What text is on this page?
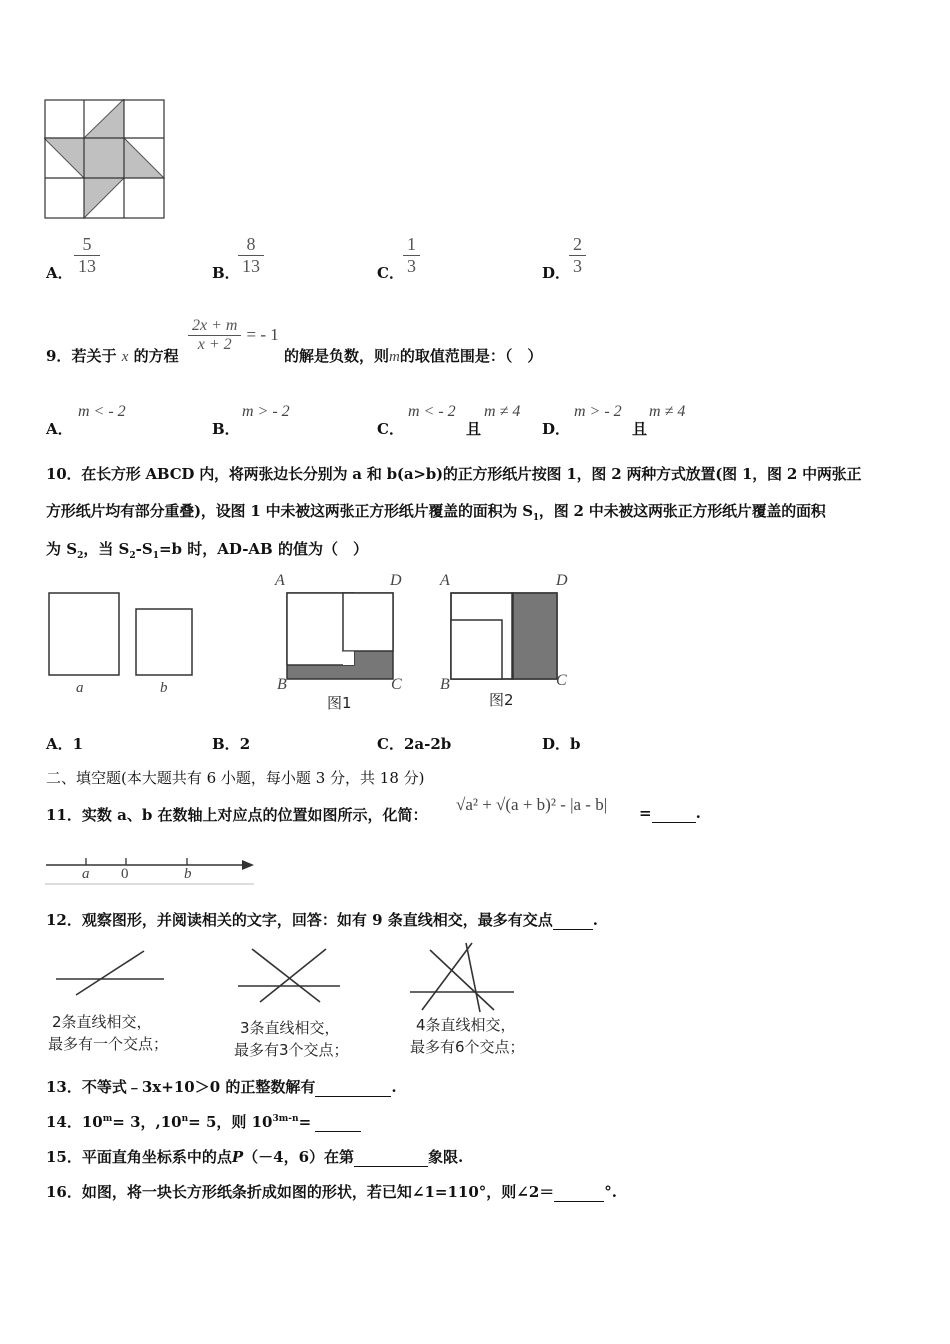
A． $\frac{5}{13}$	B．
$\frac{8}{13}$	C． $\frac{1}{3}$	D．
$\frac{2}{3}$
9．若关于 x 的方程
$\frac{2x + m}{x + 2}$ = - 1
的解是负数，则m的取值范围是：（　）
A．
m < - 2
B．
m > - 2
C．
m < - 2
且
m ≠ 4
D．
m > - 2
且
m ≠ 4
10．在长方形 ABCD 内，将两张边长分别为 a 和 b(a>b)的正方形纸片按图 1，图 2 两种方式放置(图 1，图 2 中两张正
方形纸片均有部分重叠)，设图 1 中未被这两张正方形纸片覆盖的面积为 $S_1$，图 2 中未被这两张正方形纸片覆盖的面积
为 $S_2$，当 $S_2-S_1=b$ 时，AD-AB 的值为（　）
a	b
A	D
B	C
图1
A	D
B	C
图2
A．1	B．2	C．2a-2b	D．b
二、填空题(本大题共有 6 小题，每小题 3 分，共 18 分)
11．实数 a、b 在数轴上对应点的位置如图所示，化简：
√a² + √(a + b)² - |a - b| =	.
a 0	b
12．观察图形，并阅读相关的文字，回答：如有 9 条直线相交，最多有交点	.
2条直线相交，
最多有一个交点；
3条直线相交，
最多有3个交点；
4条直线相交，
最多有6个交点；
13．不等式﹣3x+10＞0 的正整数解有	.
14．$10^m= 3$，$,10^n= 5$，则 $10^{3m-n}=$
15．平面直角坐标系中的点P（－4，6）在第	象限.
16．如图，将一块长方形纸条折成如图的形状，若已知∠1=110°，则∠2＝	°.
